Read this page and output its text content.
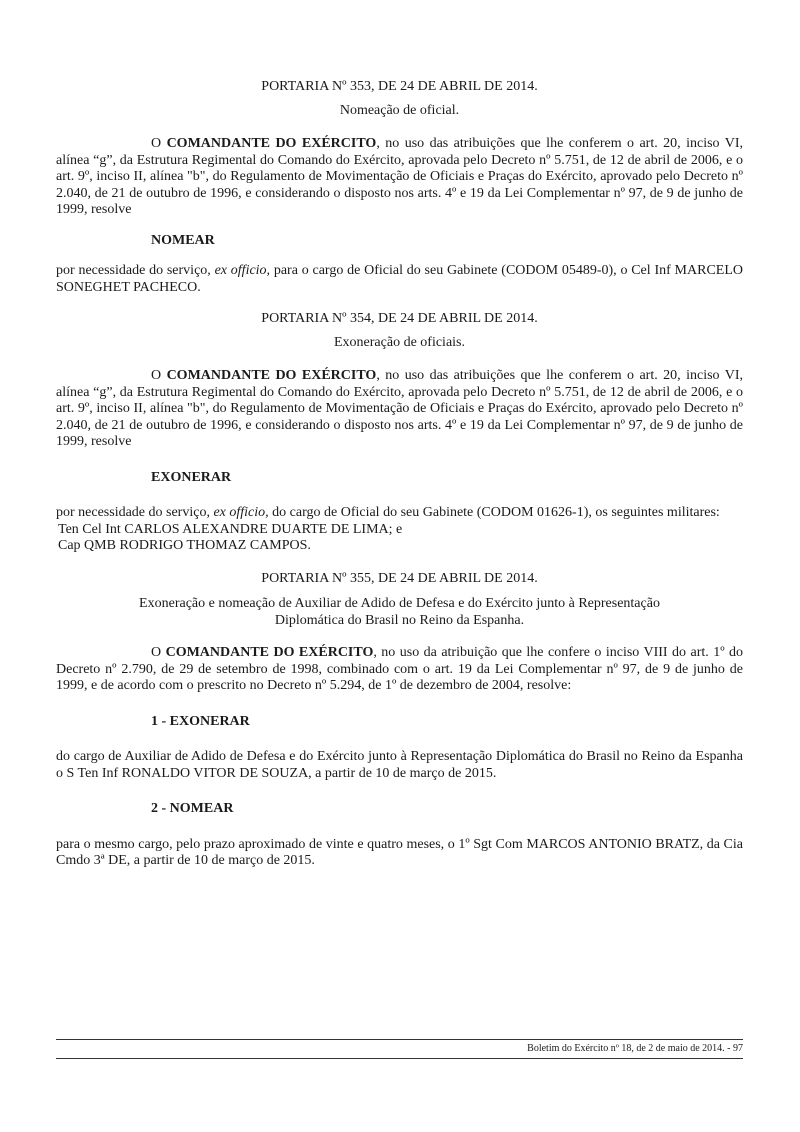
PORTARIA Nº 353, DE 24 DE ABRIL DE 2014.

Nomeação de oficial.

O COMANDANTE DO EXÉRCITO, no uso das atribuições que lhe conferem o art. 20, inciso VI, alínea “g”, da Estrutura Regimental do Comando do Exército, aprovada pelo Decreto nº 5.751, de 12 de abril de 2006, e o art. 9º, inciso II, alínea "b", do Regulamento de Movimentação de Oficiais e Praças do Exército, aprovado pelo Decreto nº 2.040, de 21 de outubro de 1996, e considerando o disposto nos arts. 4º e 19 da Lei Complementar nº 97, de 9 de junho de 1999, resolve

NOMEAR

por necessidade do serviço, ex officio, para o cargo de Oficial do seu Gabinete (CODOM 05489-0), o Cel Inf MARCELO SONEGHET PACHECO.

PORTARIA Nº 354, DE 24 DE ABRIL DE 2014.

Exoneração de oficiais.

O COMANDANTE DO EXÉRCITO, no uso das atribuições que lhe conferem o art. 20, inciso VI, alínea “g”, da Estrutura Regimental do Comando do Exército, aprovada pelo Decreto nº 5.751, de 12 de abril de 2006, e o art. 9º, inciso II, alínea "b", do Regulamento de Movimentação de Oficiais e Praças do Exército, aprovado pelo Decreto nº 2.040, de 21 de outubro de 1996, e considerando o disposto nos arts. 4º e 19 da Lei Complementar nº 97, de 9 de junho de 1999, resolve

EXONERAR

por necessidade do serviço, ex officio, do cargo de Oficial do seu Gabinete (CODOM 01626-1), os seguintes militares:

Ten Cel Int CARLOS ALEXANDRE DUARTE DE LIMA; e
Cap QMB RODRIGO THOMAZ CAMPOS.

PORTARIA Nº 355, DE 24 DE ABRIL DE 2014.

Exoneração e nomeação de Auxiliar de Adido de Defesa e do Exército junto à Representação

Diplomática do Brasil no Reino da Espanha.

O COMANDANTE DO EXÉRCITO, no uso da atribuição que lhe confere o inciso VIII do art. 1º do Decreto nº 2.790, de 29 de setembro de 1998, combinado com o art. 19 da Lei Complementar nº 97, de 9 de junho de 1999, e de acordo com o prescrito no Decreto nº 5.294, de 1º de dezembro de 2004, resolve:

1 - EXONERAR

do cargo de Auxiliar de Adido de Defesa e do Exército junto à Representação Diplomática do Brasil no Reino da Espanha o S Ten Inf RONALDO VITOR DE SOUZA, a partir de 10 de março de 2015.

2 - NOMEAR

para o mesmo cargo, pelo prazo aproximado de vinte e quatro meses, o 1º Sgt Com MARCOS ANTONIO BRATZ, da Cia Cmdo 3ª DE, a partir de 10 de março de 2015.

Boletim do Exército nº 18, de 2 de maio de 2014. - 97
